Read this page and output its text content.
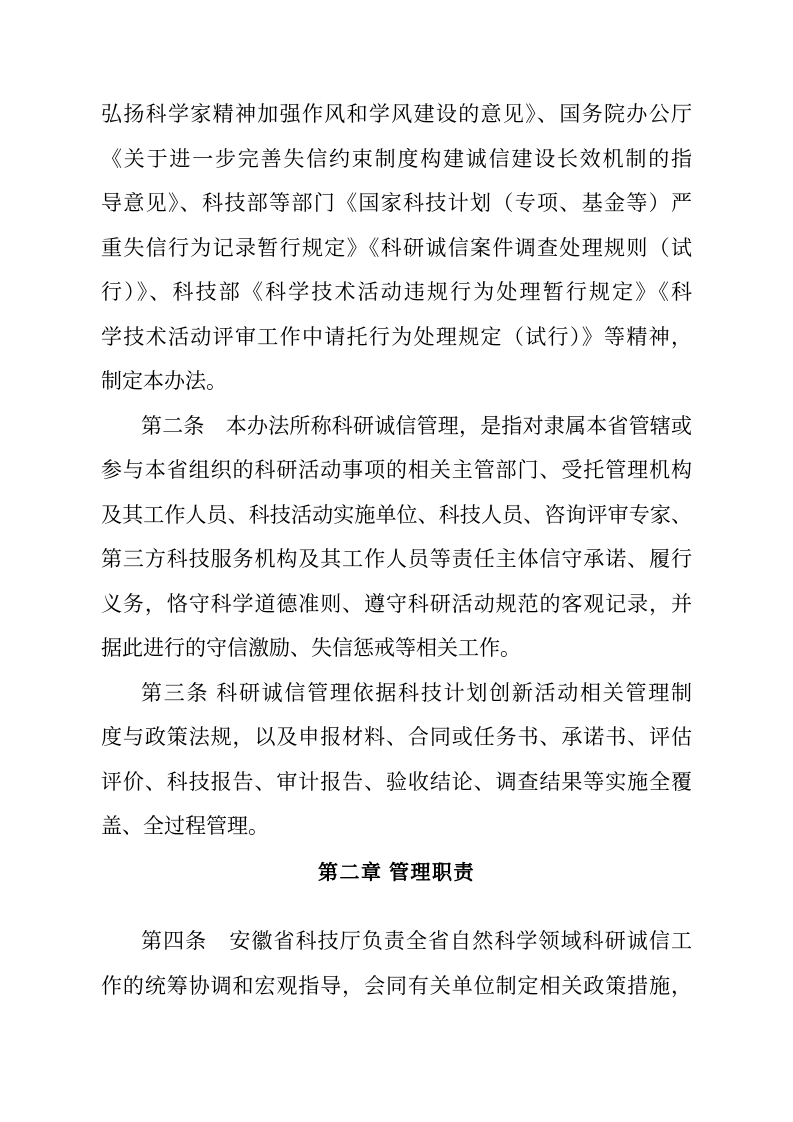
弘扬科学家精神加强作风和学风建设的意见》、国务院办公厅
《关于进一步完善失信约束制度构建诚信建设长效机制的指
导意见》、科技部等部门《国家科技计划（专项、基金等）严
重失信行为记录暂行规定》《科研诚信案件调查处理规则（试
行）》、科技部《科学技术活动违规行为处理暂行规定》《科
学技术活动评审工作中请托行为处理规定（试行）》等精神，
制定本办法。
第二条　本办法所称科研诚信管理，是指对隶属本省管辖或
参与本省组织的科研活动事项的相关主管部门、受托管理机构
及其工作人员、科技活动实施单位、科技人员、咨询评审专家、
第三方科技服务机构及其工作人员等责任主体信守承诺、履行
义务，恪守科学道德准则、遵守科研活动规范的客观记录，并
据此进行的守信激励、失信惩戒等相关工作。
第三条 科研诚信管理依据科技计划创新活动相关管理制
度与政策法规，以及申报材料、合同或任务书、承诺书、评估
评价、科技报告、审计报告、验收结论、调查结果等实施全覆
盖、全过程管理。
第二章 管理职责
第四条　安徽省科技厅负责全省自然科学领域科研诚信工
作的统筹协调和宏观指导，会同有关单位制定相关政策措施，
